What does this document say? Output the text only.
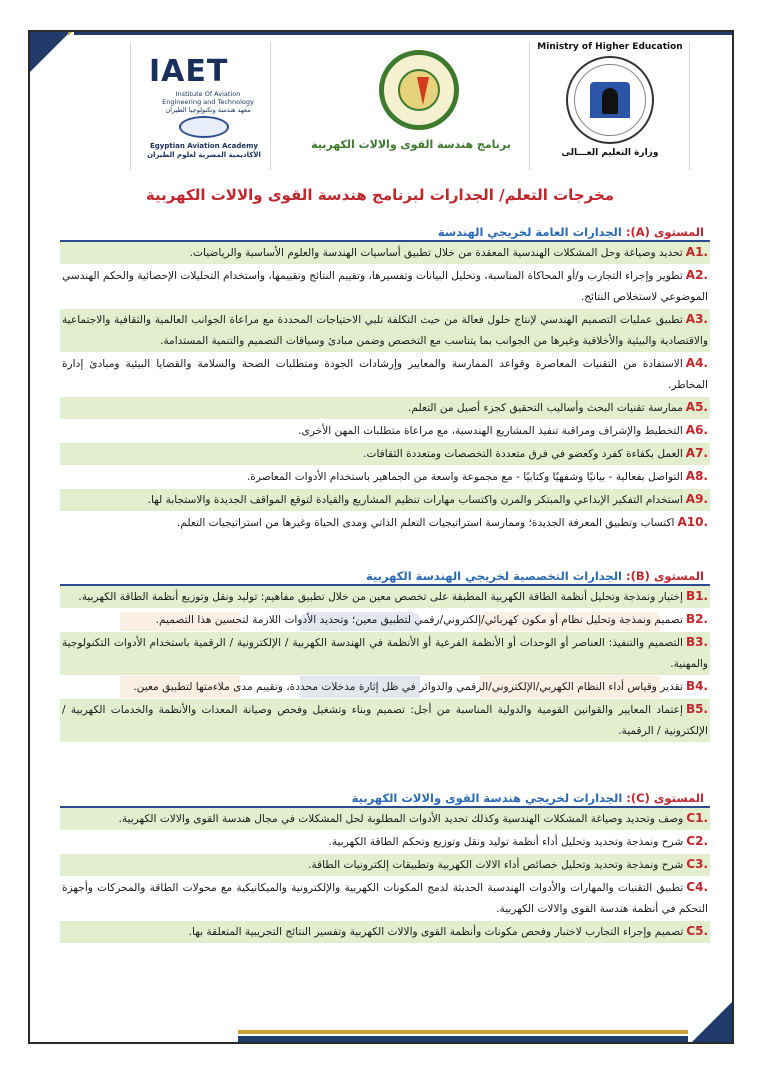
IAET
Institute Of Aviation
Engineering and Technology
معهد هندسة وتكنولوجيا الطيران
Egyptian Aviation Academy
الأكاديمية المصرية لعلوم الطيران
برنامج هندسة القوى والالات الكهربية
Ministry of Higher Education
وزارة التعليم العـــالى
مخرجات التعلم/ الجدارات لبرنامج هندسة القوى والالات الكهربية
المستوى (A): الجدارات العامة لخريجي الهندسة
A1.تحديد وصياغة وحل المشكلات الهندسية المعقدة من خلال تطبيق أساسيات الهندسة والعلوم الأساسية والرياضيات.
A2.تطوير وإجراء التجارب و/أو المحاكاة المناسبة، وتحليل البيانات وتفسيرها، وتقييم النتائج وتقييمها، واستخدام التحليلات الإحصائية والحكم الهندسي الموضوعي لاستخلاص النتائج.
A3.تطبيق عمليات التصميم الهندسي لإنتاج حلول فعالة من حيث التكلفة تلبي الاحتياجات المحددة مع مراعاة الجوانب العالمية والثقافية والاجتماعية والاقتصادية والبيئية والأخلاقية وغيرها من الجوانب بما يتناسب مع التخصص وضمن مبادئ وسياقات التصميم والتنمية المستدامة.
A4.الاستفادة من التقنيات المعاصرة وقواعد الممارسة والمعايير وإرشادات الجودة ومتطلبات الصحة والسلامة والقضايا البيئية ومبادئ إدارة المخاطر.
A5.ممارسة تقنيات البحث وأساليب التحقيق كجزء أصيل من التعلم.
A6.التخطيط والإشراف ومراقبة تنفيذ المشاريع الهندسية، مع مراعاة متطلبات المهن الأخرى.
A7.العمل بكفاءة كفرد وكعضو في فرق متعددة التخصصات ومتعددة الثقافات.
A8.التواصل بفعالية - بيانيًا وشفهيًا وكتابيًا - مع مجموعة واسعة من الجماهير باستخدام الأدوات المعاصرة.
A9.استخدام التفكير الإبداعي والمبتكر والمرن واكتساب مهارات تنظيم المشاريع والقيادة لتوقع المواقف الجديدة والاستجابة لها.
A10.اكتساب وتطبيق المعرفة الجديدة؛ وممارسة استراتيجيات التعلم الذاتي ومدى الحياة وغيرها من استراتيجيات التعلم.
المستوى (B): الجدارات التخصصية لخريجي الهندسة الكهربية
B1.إختيار ونمذجة وتحليل أنظمة الطاقة الكهربية المطبقة على تخصص معين من خلال تطبيق مفاهيم: توليد ونقل وتوزيع أنظمة الطاقة الكهربية.
B2.تصميم ونمذجة وتحليل نظام أو مكون كهربائي/إلكتروني/رقمي لتطبيق معين؛ وتحديد الأدوات اللازمة لتحسين هذا التصميم.
B3.التصميم والتنفيذ: العناصر أو الوحدات أو الأنظمة الفرعية أو الأنظمة في الهندسة الكهربية / الإلكترونية / الرقمية باستخدام الأدوات التكنولوجية والمهنية.
B4.تقدير وقياس أداء النظام الكهربي/الإلكتروني/الرقمي والدوائر في ظل إثارة مدخلات محددة، وتقييم مدى ملاءمتها لتطبيق معين.
B5.إعتماد المعايير والقوانين القومية والدولية المناسبة من أجل: تصميم وبناء وتشغيل وفحص وصيانة المعدات والأنظمة والخدمات الكهربية / الإلكترونية / الرقمية.
المستوى (C): الجدارات لخريجي هندسة القوى والالات الكهربية
C1.وصف وتحديد وصياغة المشكلات الهندسية وكذلك تحديد الأدوات المطلوبة لحل المشكلات في مجال هندسة القوى والالات الكهربية.
C2.شرح ونمذجة وتحديد وتحليل أداء أنظمة توليد ونقل وتوزيع وتحكم الطاقة الكهربية.
C3.شرح ونمذجة وتحديد وتحليل خصائص أداء الالات الكهربية وتطبيقات إلكترونيات الطاقة.
C4.تطبيق التقنيات والمهارات والأدوات الهندسية الحديثة لدمج المكونات الكهربية والإلكترونية والميكانيكية مع محولات الطاقة والمحركات وأجهزة التحكم في أنظمة هندسة القوى والالات الكهربية.
C5.تصميم وإجراء التجارب لاختبار وفحص مكونات وأنظمة القوى والالات الكهربية وتفسير النتائج التجريبية المتعلقة بها.
